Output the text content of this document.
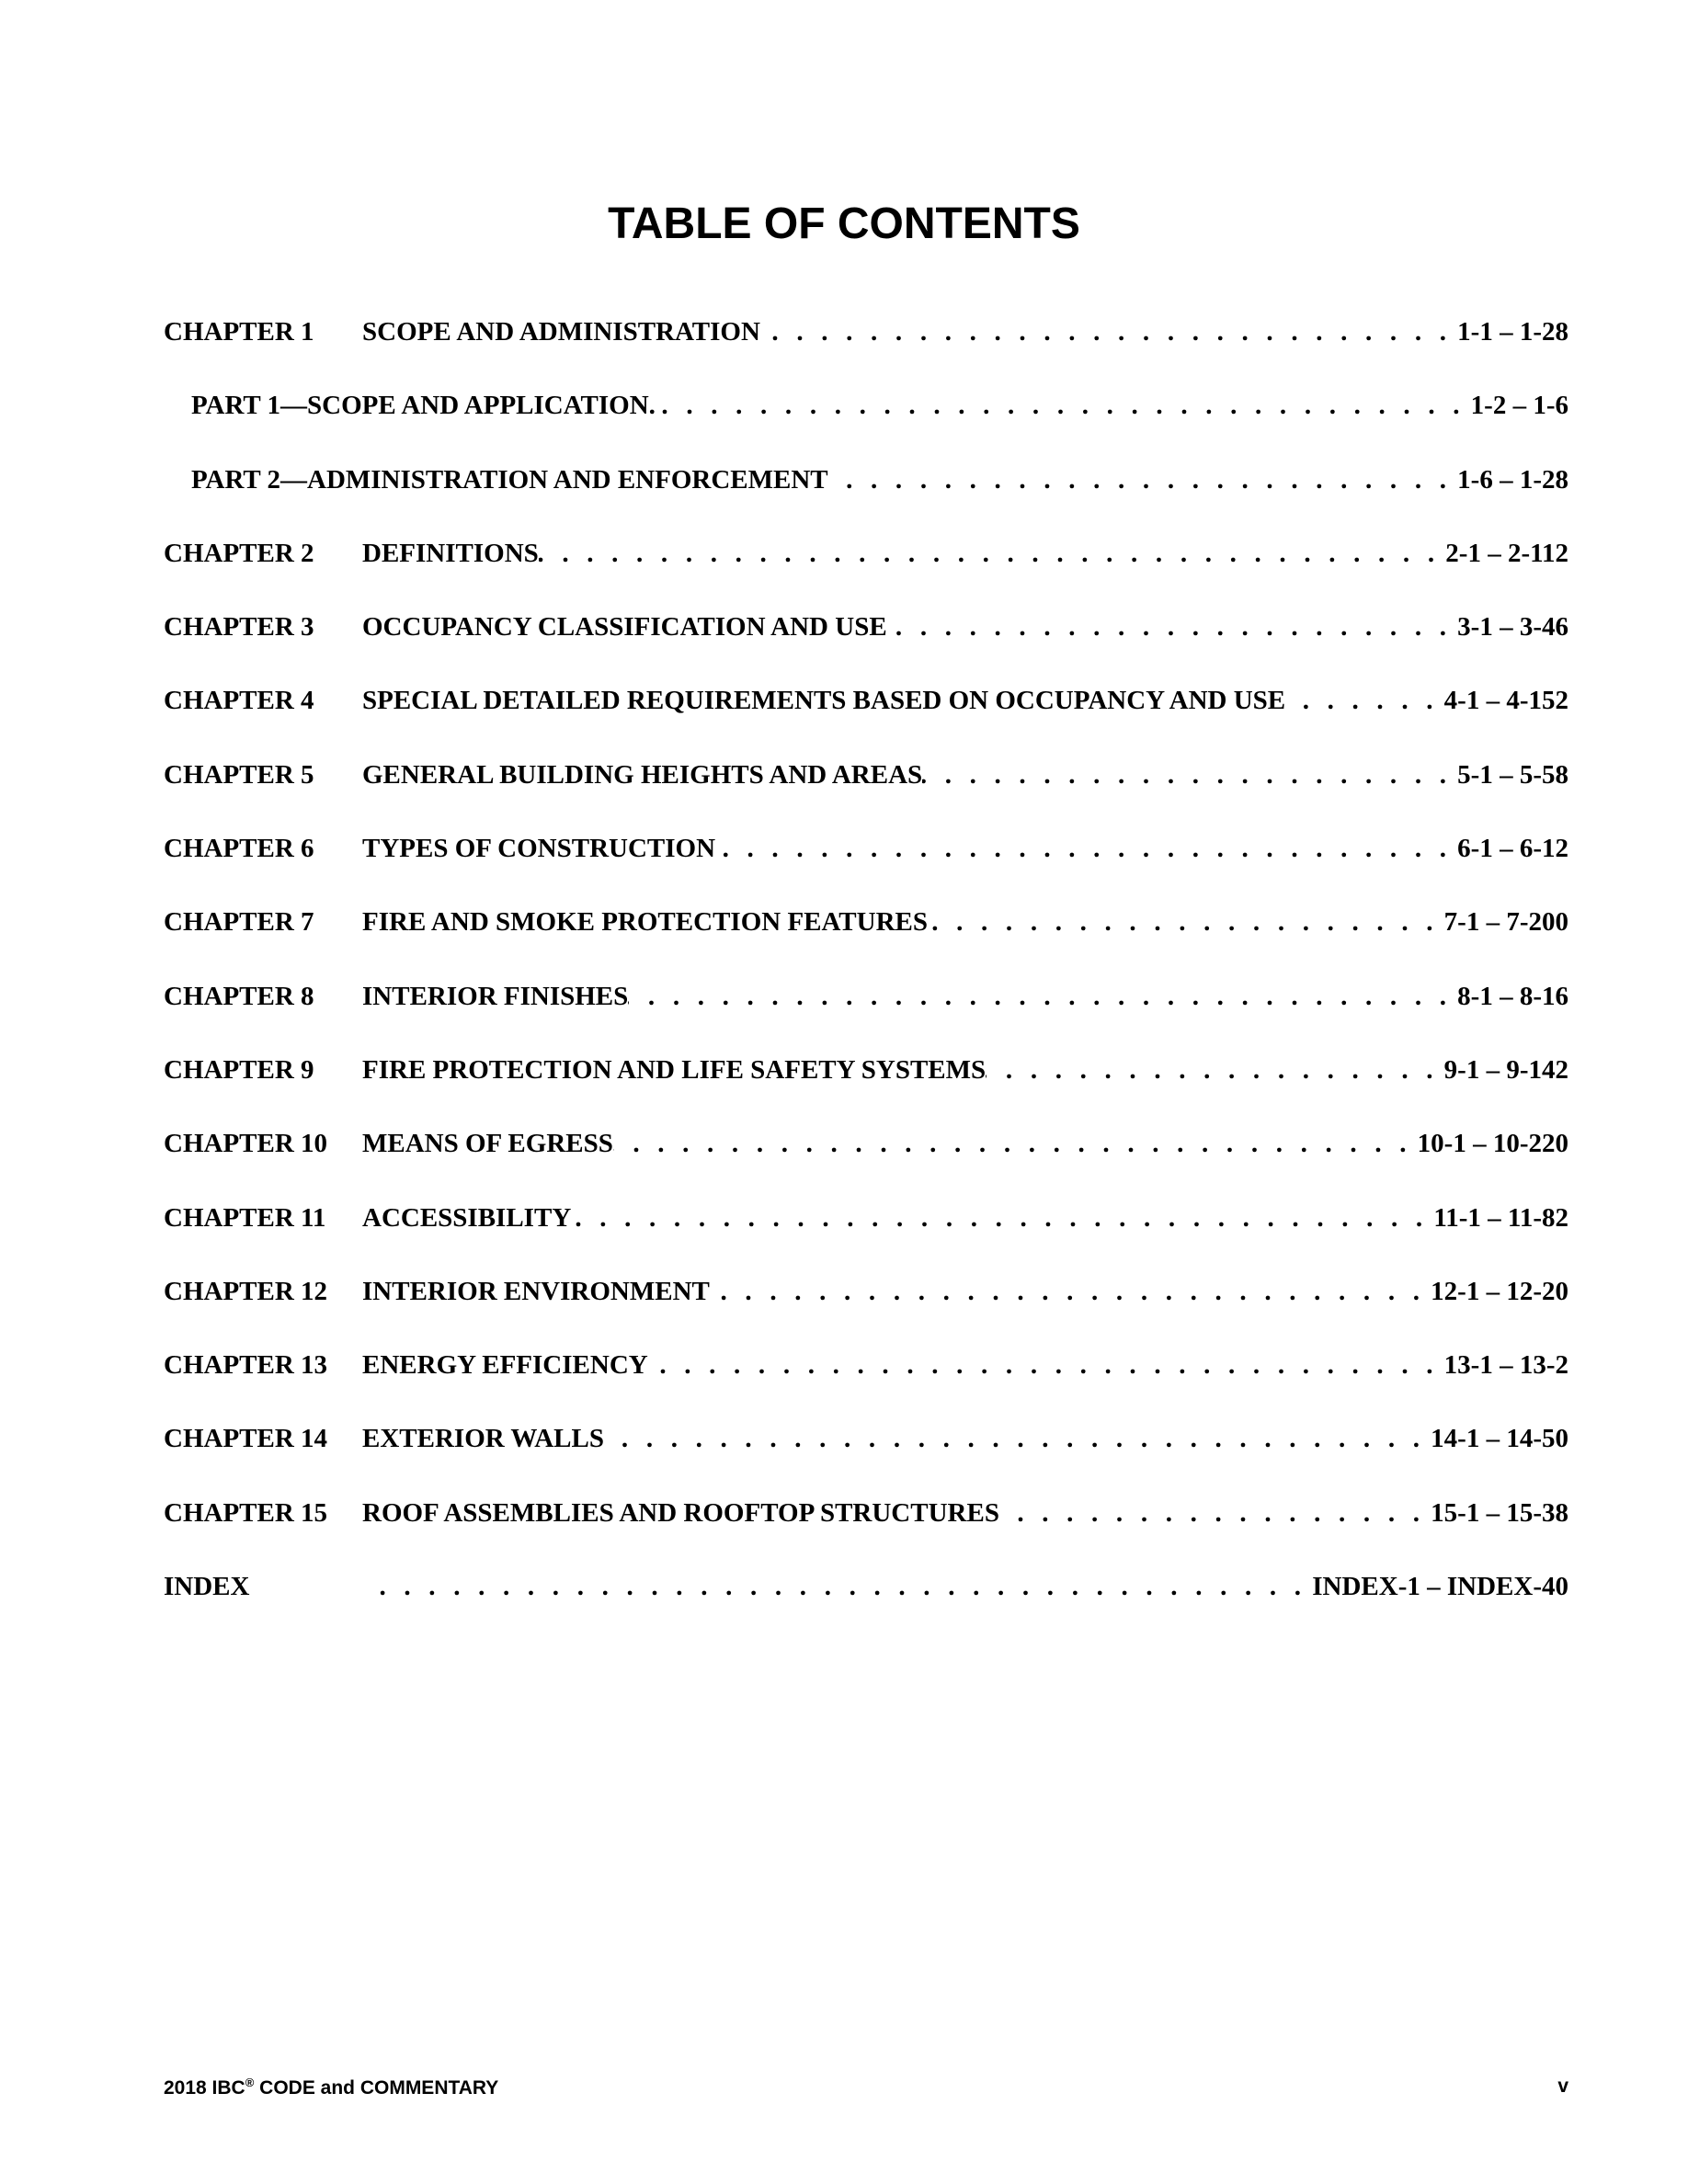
TABLE OF CONTENTS
CHAPTER 1	SCOPE AND ADMINISTRATION . . .	1-1 – 1-28
PART 1—SCOPE AND APPLICATION. . . .	1-2 – 1-6
PART 2—ADMINISTRATION AND ENFORCEMENT . . .	1-6 – 1-28
CHAPTER 2	DEFINITIONS . . .	2-1 – 2-112
CHAPTER 3	OCCUPANCY CLASSIFICATION AND USE . . .	3-1 – 3-46
CHAPTER 4	SPECIAL DETAILED REQUIREMENTS BASED ON OCCUPANCY AND USE . . .	4-1 – 4-152
CHAPTER 5	GENERAL BUILDING HEIGHTS AND AREAS . . .	5-1 – 5-58
CHAPTER 6	TYPES OF CONSTRUCTION . . .	6-1 – 6-12
CHAPTER 7	FIRE AND SMOKE PROTECTION FEATURES . . .	7-1 – 7-200
CHAPTER 8	INTERIOR FINISHES . . .	8-1 – 8-16
CHAPTER 9	FIRE PROTECTION AND LIFE SAFETY SYSTEMS . . .	9-1 – 9-142
CHAPTER 10	MEANS OF EGRESS . . .	10-1 – 10-220
CHAPTER 11	ACCESSIBILITY . . .	11-1 – 11-82
CHAPTER 12	INTERIOR ENVIRONMENT . . .	12-1 – 12-20
CHAPTER 13	ENERGY EFFICIENCY . . .	13-1 – 13-2
CHAPTER 14	EXTERIOR WALLS . . .	14-1 – 14-50
CHAPTER 15	ROOF ASSEMBLIES AND ROOFTOP STRUCTURES . . .	15-1 – 15-38
INDEX . . .	INDEX-1 – INDEX-40
2018 IBC® CODE and COMMENTARY	v
